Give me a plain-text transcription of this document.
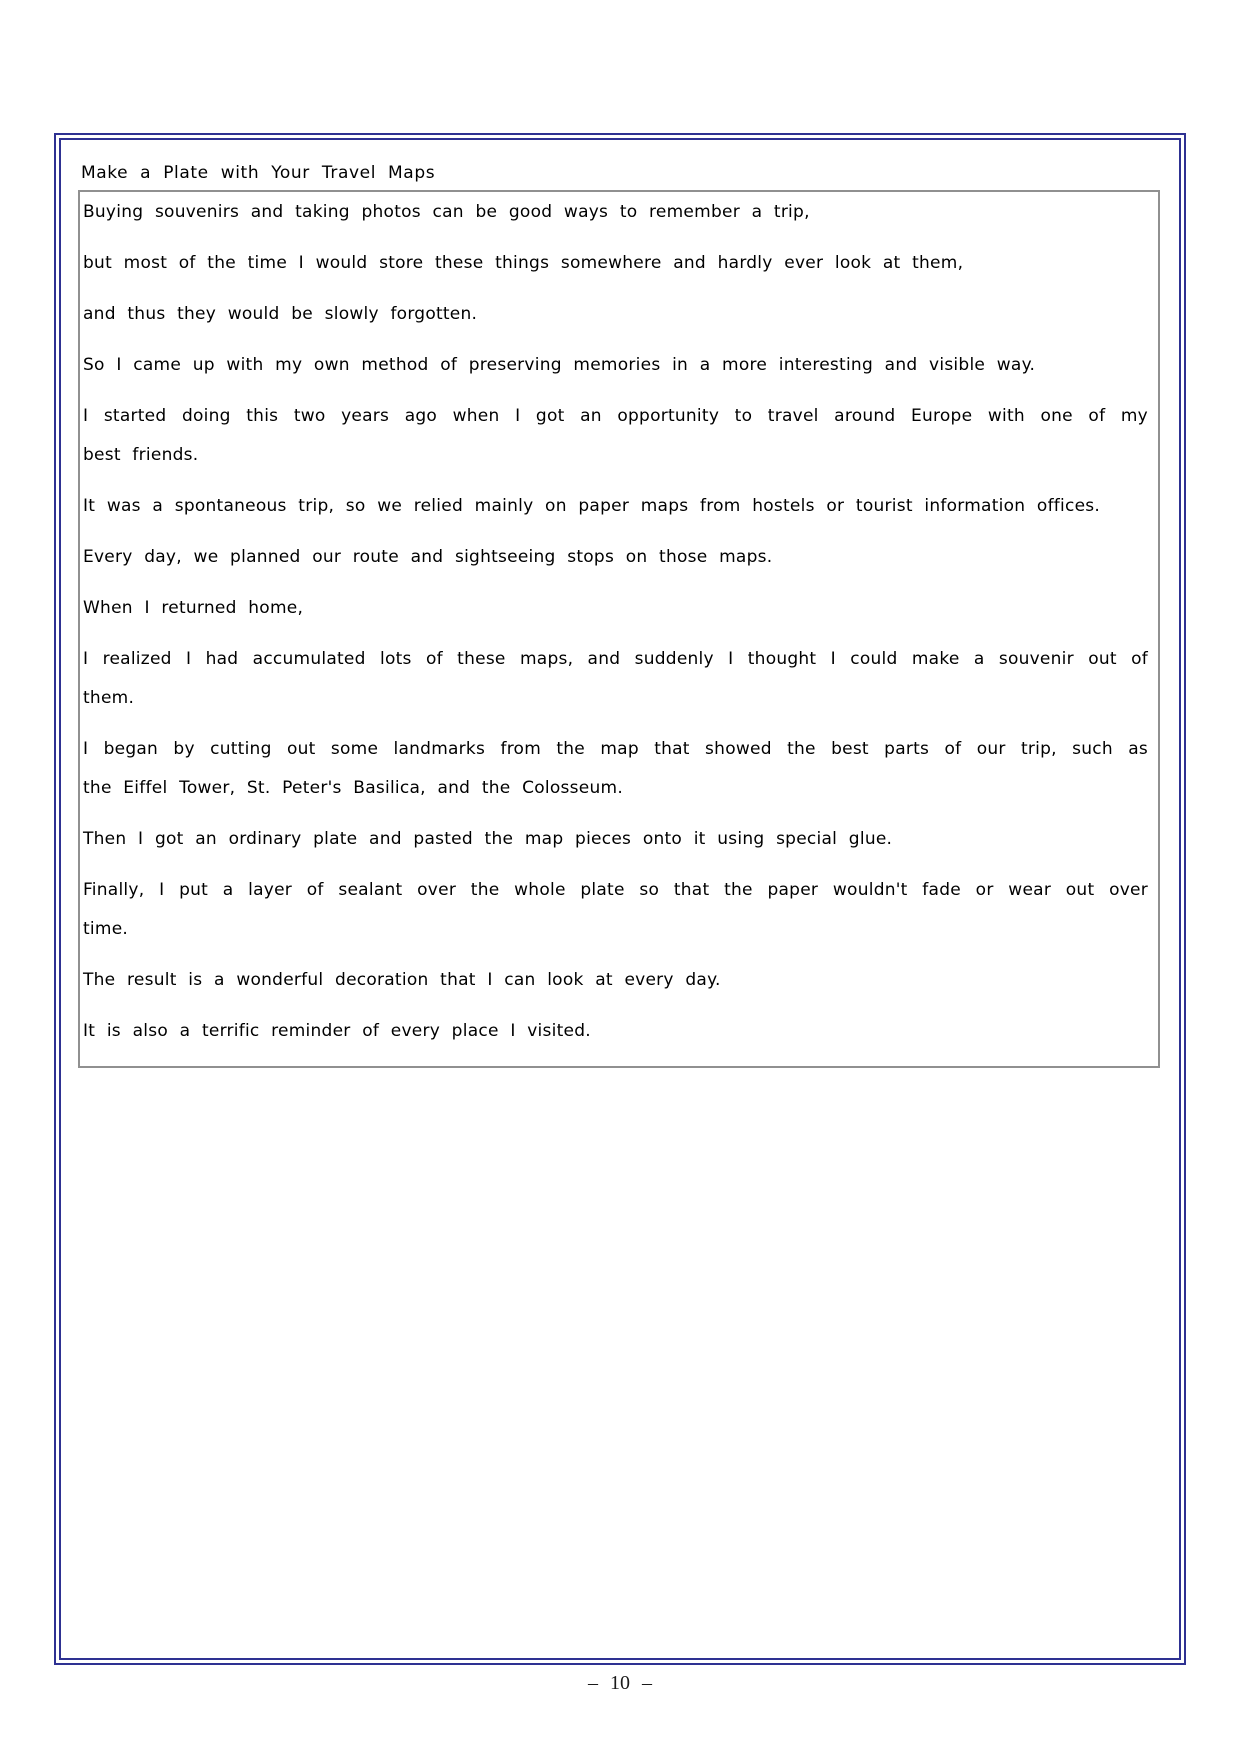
Make a Plate with Your Travel Maps
Buying souvenirs and taking photos can be good ways to remember a trip,
but most of the time I would store these things somewhere and hardly ever look at them,
and thus they would be slowly forgotten.
So I came up with my own method of preserving memories in a more interesting and visible way.
I started doing this two years ago when I got an opportunity to travel around Europe with one of my
best friends.
It was a spontaneous trip, so we relied mainly on paper maps from hostels or tourist information offices.
Every day, we planned our route and sightseeing stops on those maps.
When I returned home,
I realized I had accumulated lots of these maps, and suddenly I thought I could make a souvenir out of
them.
I began by cutting out some landmarks from the map that showed the best parts of our trip, such as
the Eiffel Tower, St. Peter's Basilica, and the Colosseum.
Then I got an ordinary plate and pasted the map pieces onto it using special glue.
Finally, I put a layer of sealant over the whole plate so that the paper wouldn't fade or wear out over
time.
The result is a wonderful decoration that I can look at every day.
It is also a terrific reminder of every place I visited.
– 10 –
